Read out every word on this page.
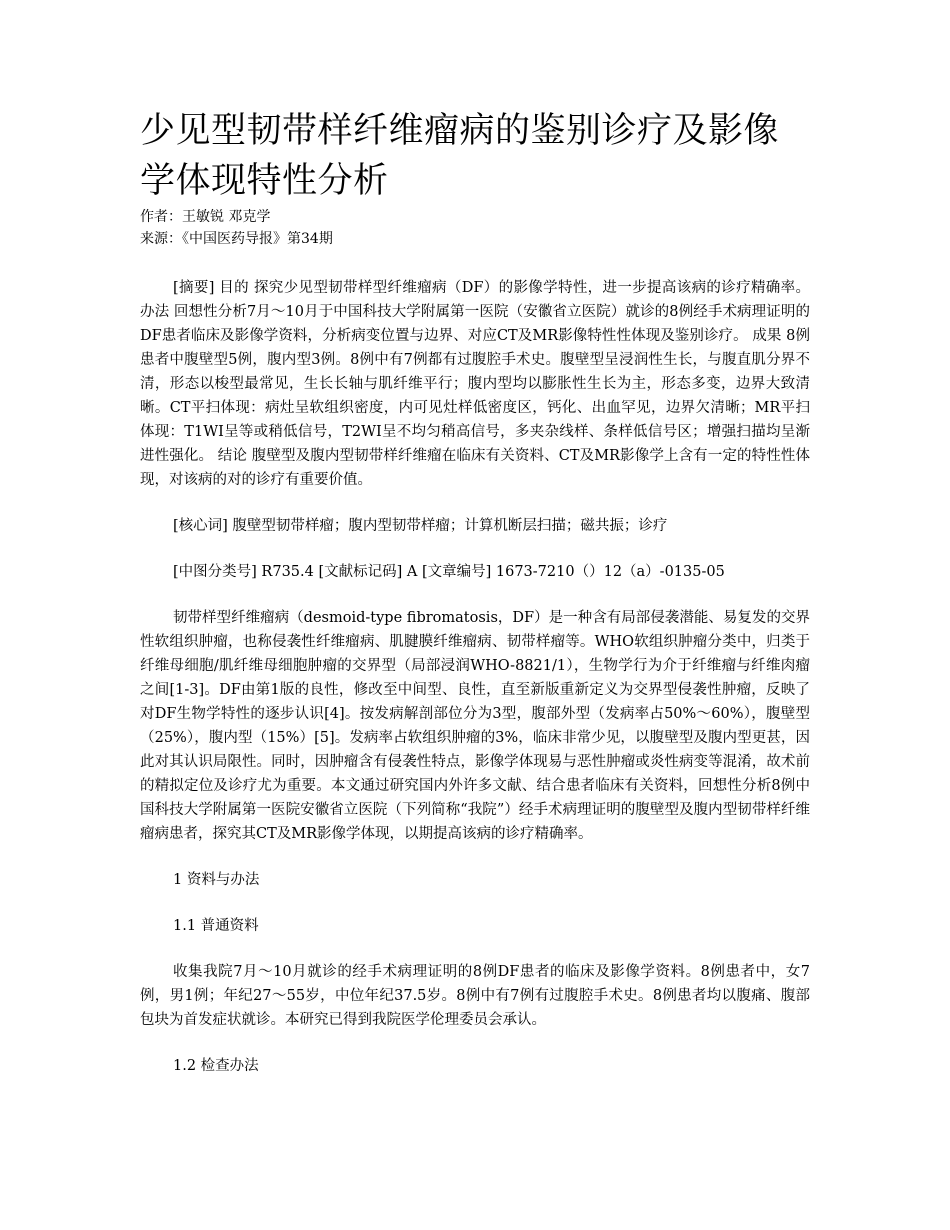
少见型韧带样纤维瘤病的鉴别诊疗及影像学体现特性分析

作者：王敏锐 邓克学

来源：《中国医药导报》第34期

[摘要] 目的 探究少见型韧带样型纤维瘤病（DF）的影像学特性，进一步提高该病的诊疗精确率。 办法 回想性分析7月～10月于中国科技大学附属第一医院（安徽省立医院）就诊的8例经手术病理证明的DF患者临床及影像学资料，分析病变位置与边界、对应CT及MR影像特性性体现及鉴别诊疗。 成果 8例患者中腹壁型5例，腹内型3例。8例中有7例都有过腹腔手术史。腹壁型呈浸润性生长，与腹直肌分界不清，形态以梭型最常见，生长长轴与肌纤维平行；腹内型均以膨胀性生长为主，形态多变，边界大致清晰。CT平扫体现：病灶呈软组织密度，内可见灶样低密度区，钙化、出血罕见，边界欠清晰；MR平扫体现：T1WI呈等或稍低信号，T2WI呈不均匀稍高信号，多夹杂线样、条样低信号区；增强扫描均呈渐进性强化。 结论 腹壁型及腹内型韧带样纤维瘤在临床有关资料、CT及MR影像学上含有一定的特性性体现，对该病的对的诊疗有重要价值。

[核心词] 腹壁型韧带样瘤；腹内型韧带样瘤；计算机断层扫描；磁共振；诊疗

[中图分类号] R735.4 [文献标记码] A [文章编号] 1673-7210（）12（a）-0135-05

韧带样型纤维瘤病（desmoid-type fibromatosis，DF）是一种含有局部侵袭潜能、易复发的交界性软组织肿瘤，也称侵袭性纤维瘤病、肌腱膜纤维瘤病、韧带样瘤等。WHO软组织肿瘤分类中，归类于纤维母细胞/肌纤维母细胞肿瘤的交界型（局部浸润WHO-8821/1），生物学行为介于纤维瘤与纤维肉瘤之间[1-3]。DF由第1版的良性，修改至中间型、良性，直至新版重新定义为交界型侵袭性肿瘤，反映了对DF生物学特性的逐步认识[4]。按发病解剖部位分为3型，腹部外型（发病率占50%～60%），腹壁型（25%），腹内型（15%）[5]。发病率占软组织肿瘤的3%，临床非常少见，以腹壁型及腹内型更甚，因此对其认识局限性。同时，因肿瘤含有侵袭性特点，影像学体现易与恶性肿瘤或炎性病变等混淆，故术前的精拟定位及诊疗尤为重要。本文通过研究国内外许多文献、结合患者临床有关资料，回想性分析8例中国科技大学附属第一医院安徽省立医院（下列简称“我院”）经手术病理证明的腹壁型及腹内型韧带样纤维瘤病患者，探究其CT及MR影像学体现，以期提高该病的诊疗精确率。

1 资料与办法

1.1 普通资料

收集我院7月～10月就诊的经手术病理证明的8例DF患者的临床及影像学资料。8例患者中，女7例，男1例；年纪27～55岁，中位年纪37.5岁。8例中有7例有过腹腔手术史。8例患者均以腹痛、腹部包块为首发症状就诊。本研究已得到我院医学伦理委员会承认。

1.2 检查办法
